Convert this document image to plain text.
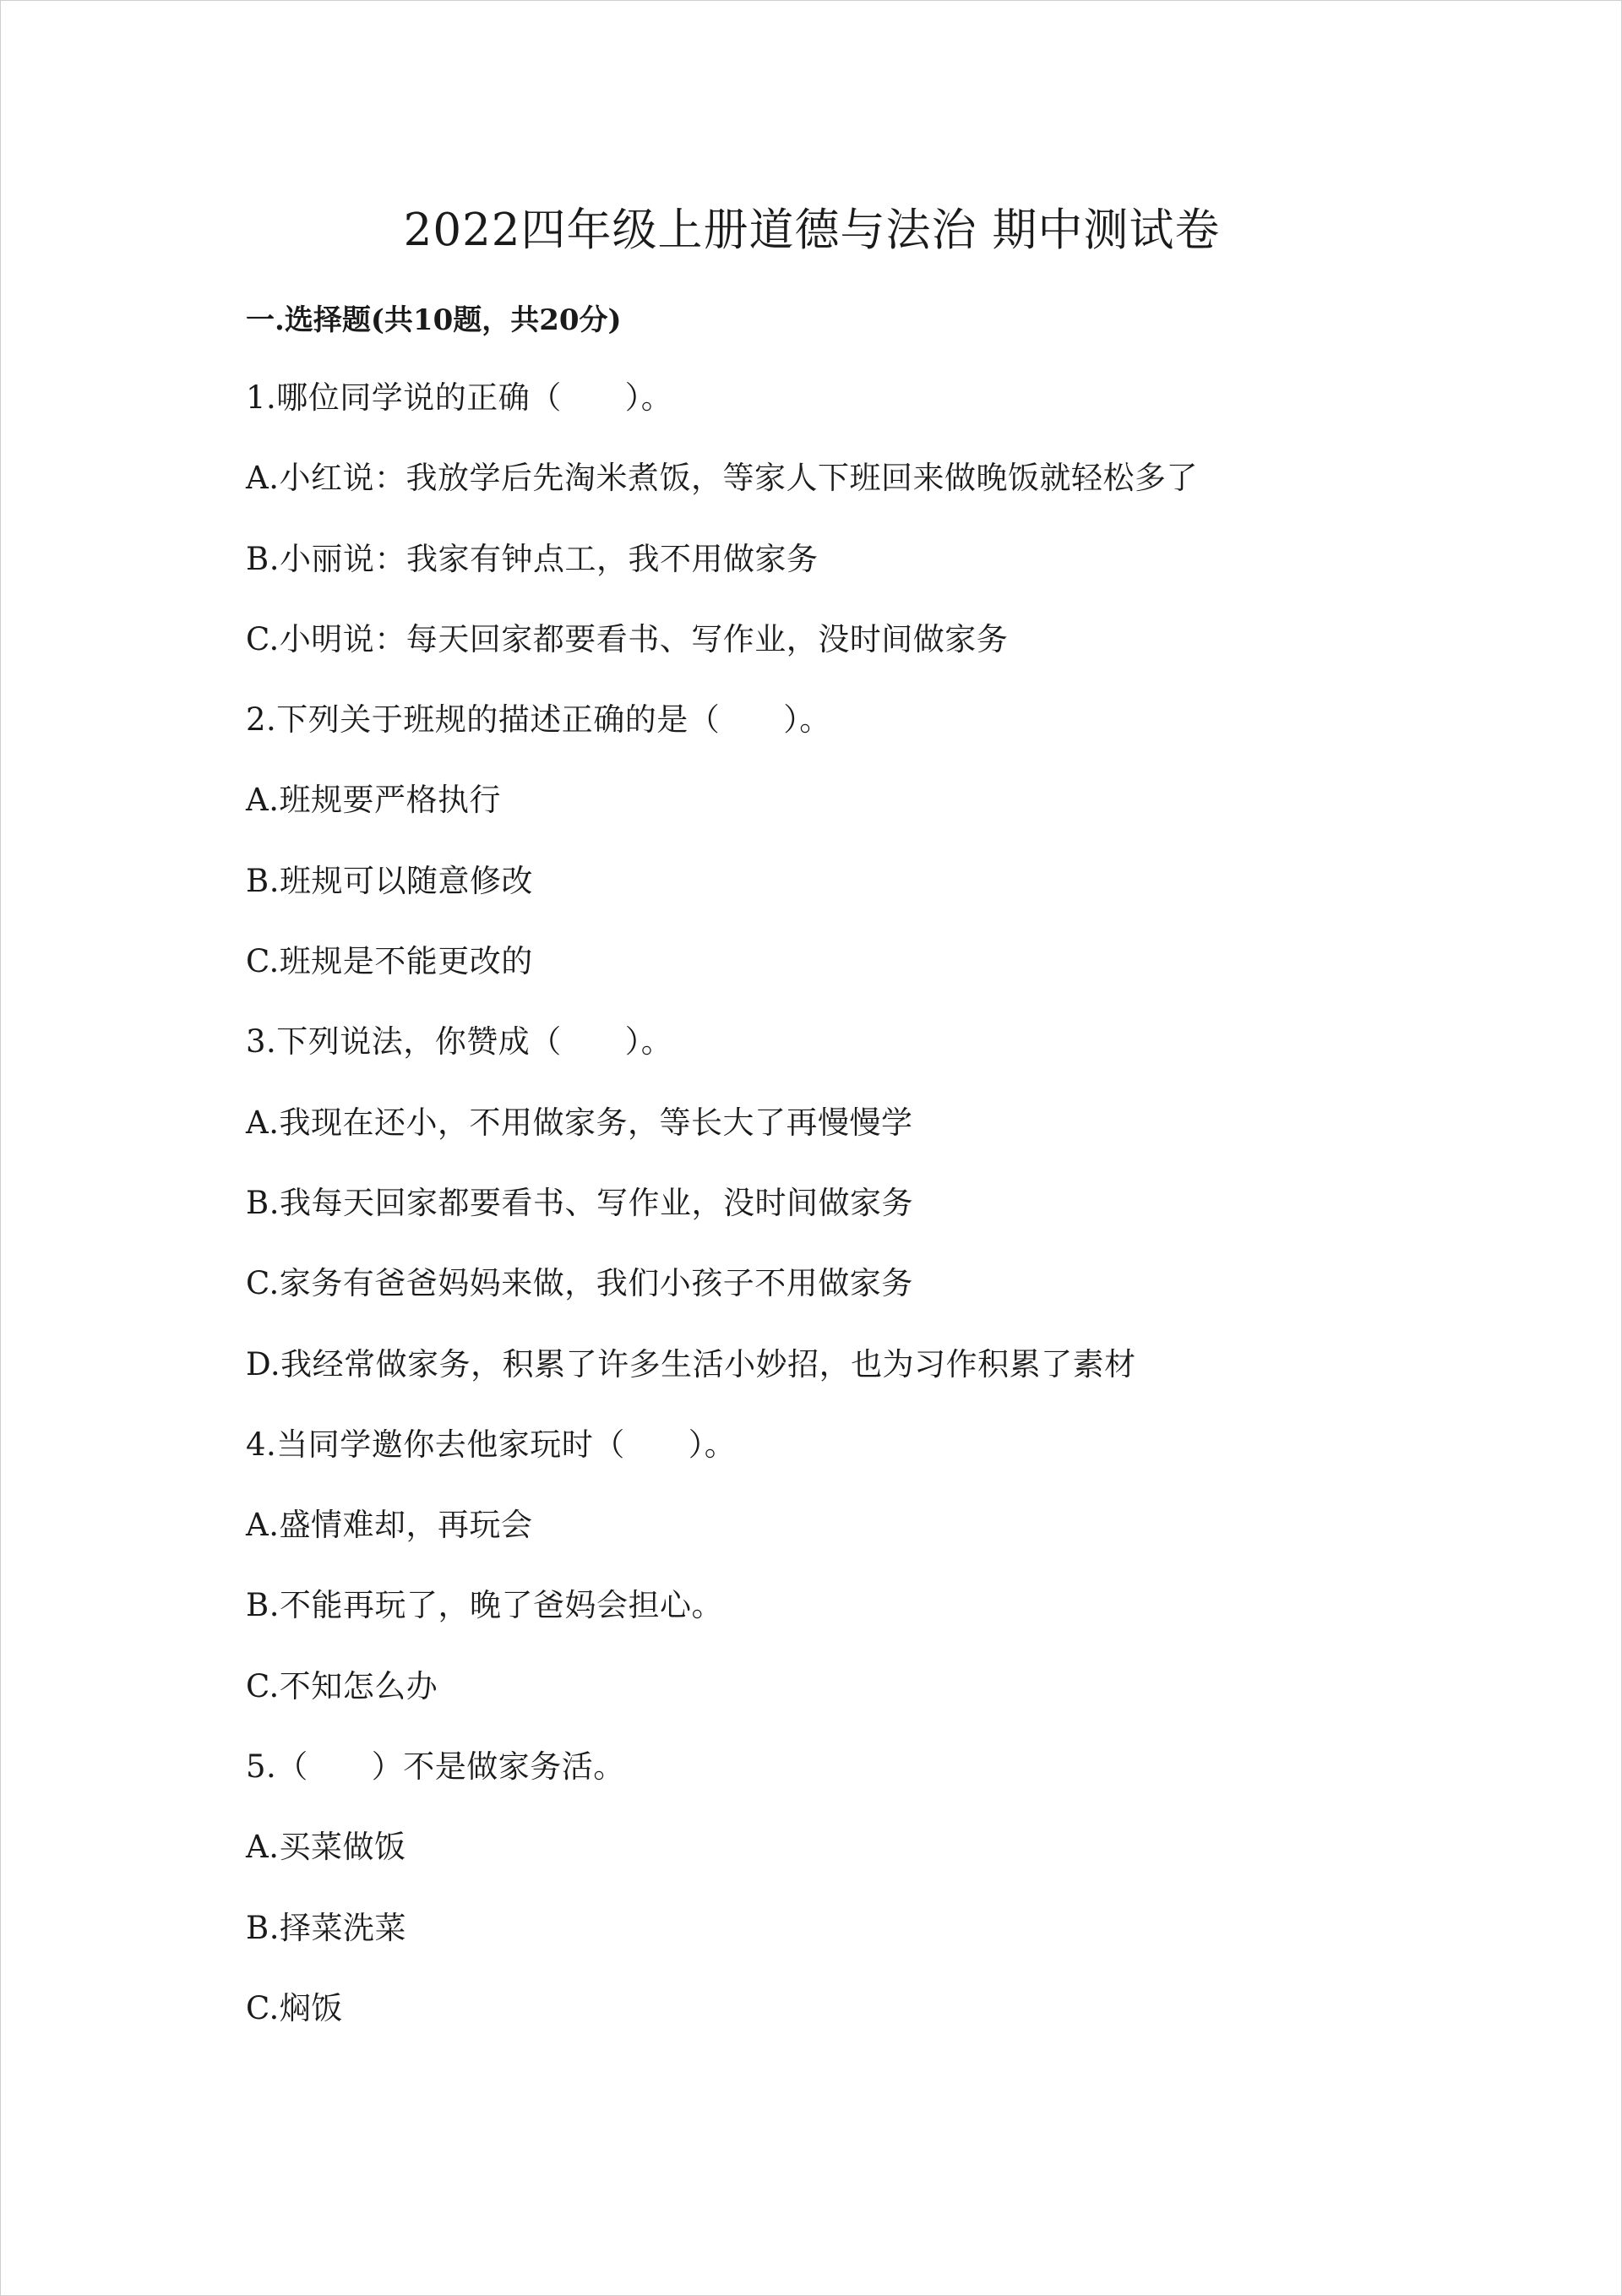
2022四年级上册道德与法治 期中测试卷
一.选择题(共10题，共20分)
1.哪位同学说的正确（　　）。
A.小红说：我放学后先淘米煮饭，等家人下班回来做晚饭就轻松多了
B.小丽说：我家有钟点工，我不用做家务
C.小明说：每天回家都要看书、写作业，没时间做家务
2.下列关于班规的描述正确的是（　　）。
A.班规要严格执行
B.班规可以随意修改
C.班规是不能更改的
3.下列说法，你赞成（　　）。
A.我现在还小，不用做家务，等长大了再慢慢学
B.我每天回家都要看书、写作业，没时间做家务
C.家务有爸爸妈妈来做，我们小孩子不用做家务
D.我经常做家务，积累了许多生活小妙招，也为习作积累了素材
4.当同学邀你去他家玩时（　　）。
A.盛情难却，再玩会
B.不能再玩了，晚了爸妈会担心。
C.不知怎么办
5.（　　）不是做家务活。
A.买菜做饭
B.择菜洗菜
C.焖饭
